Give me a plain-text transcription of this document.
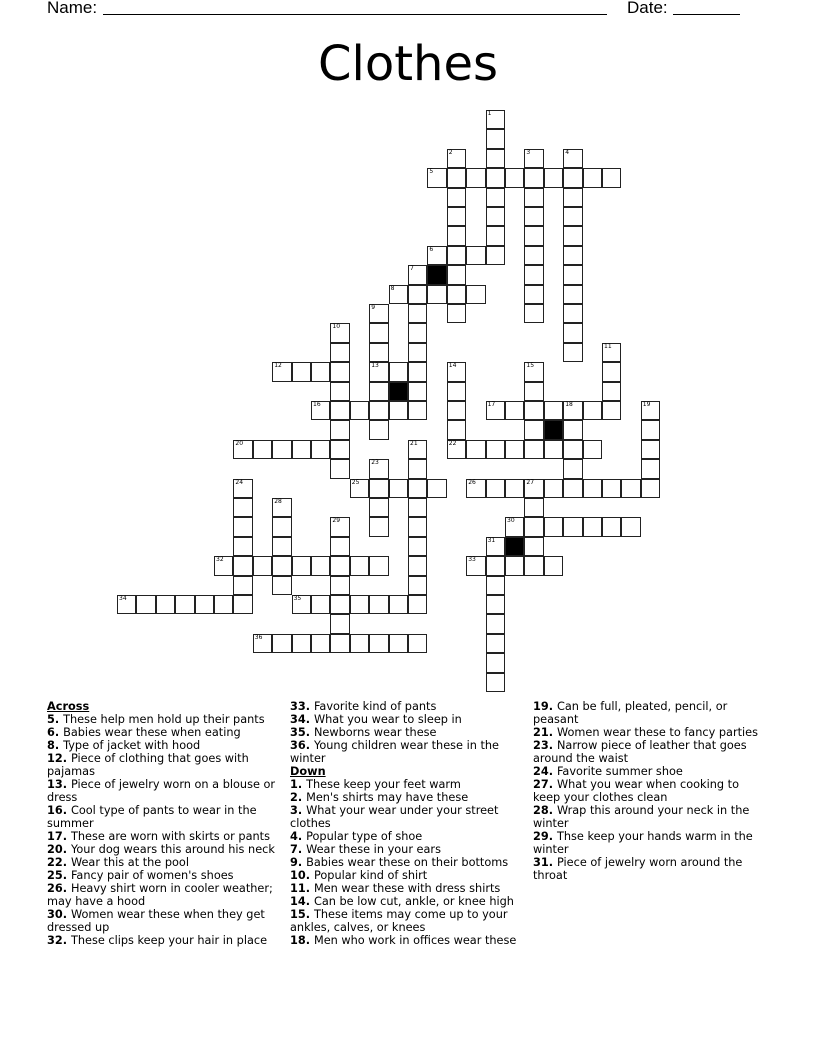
Name:	Date:
Clothes
1
2	3	4
5
6
7
8
9
13
10
11
12	14
22
15
16	17	18	19
20	21
23
24	25	26	27
28
29	30
31
32	33
34	35
36
Across
5. These help men hold up their pants
6. Babies wear these when eating
8. Type of jacket with hood
12. Piece of clothing that goes with pajamas
13. Piece of jewelry worn on a blouse or dress
16. Cool type of pants to wear in the summer
17. These are worn with skirts or pants
20. Your dog wears this around his neck
22. Wear this at the pool
25. Fancy pair of women's shoes
26. Heavy shirt worn in cooler weather; may have a hood
30. Women wear these when they get dressed up
32. These clips keep your hair in place
33. Favorite kind of pants
34. What you wear to sleep in
35. Newborns wear these
36. Young children wear these in the winter
Down
1. These keep your feet warm
2. Men's shirts may have these
3. What your wear under your street clothes
4. Popular type of shoe
7. Wear these in your ears
9. Babies wear these on their bottoms
10. Popular kind of shirt
11. Men wear these with dress shirts
14. Can be low cut, ankle, or knee high
15. These items may come up to your ankles, calves, or knees
18. Men who work in offices wear these
19. Can be full, pleated, pencil, or peasant
21. Women wear these to fancy parties
23. Narrow piece of leather that goes around the waist
24. Favorite summer shoe
27. What you wear when cooking to keep your clothes clean
28. Wrap this around your neck in the winter
29. Thse keep your hands warm in the winter
31. Piece of jewelry worn around the throat
